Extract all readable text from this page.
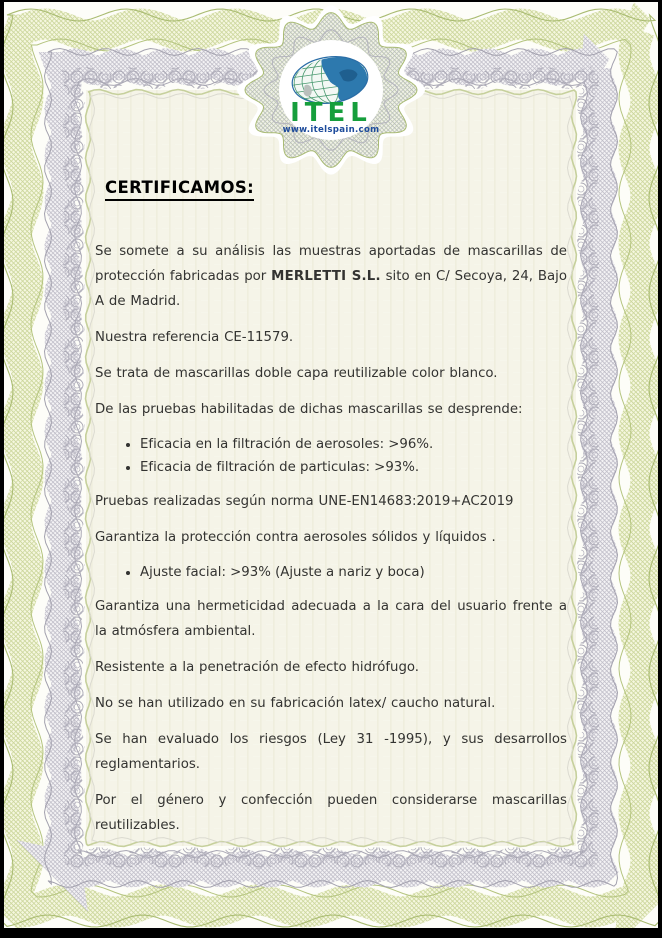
ITEL
www.itelspain.com
CERTIFICAMOS:

Se somete a su análisis las muestras aportadas de mascarillas de protección fabricadas por MERLETTI S.L. sito en C/ Secoya, 24, Bajo A de Madrid.

Nuestra referencia CE-11579.

Se trata de mascarillas doble capa reutilizable color blanco.

De las pruebas habilitadas de dichas mascarillas se desprende:

• Eficacia en la filtración de aerosoles: >96%.
• Eficacia de filtración de particulas: >93%.

Pruebas realizadas según norma UNE-EN14683:2019+AC2019

Garantiza la protección contra aerosoles sólidos y líquidos .

• Ajuste facial: >93% (Ajuste a nariz y boca)

Garantiza una hermeticidad adecuada a la cara del usuario frente a la atmósfera ambiental.

Resistente a la penetración de efecto hidrófugo.

No se han utilizado en su fabricación latex/ caucho natural.

Se han evaluado los riesgos (Ley 31 -1995), y sus desarrollos reglamentarios.

Por el género y confección pueden considerarse mascarillas reutilizables.
